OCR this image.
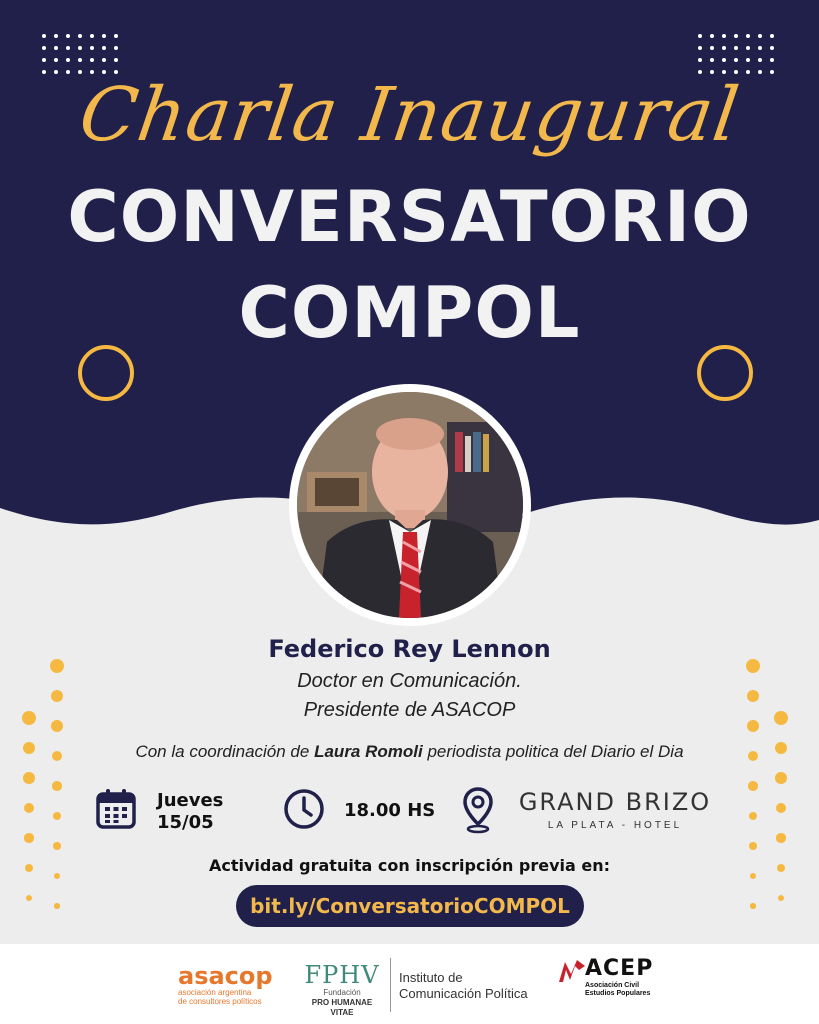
Charla Inaugural
CONVERSATORIO
COMPOL
Federico Rey Lennon
Doctor en Comunicación.
Presidente de ASACOP
Con la coordinación de Laura Romoli periodista politica del Diario el Dia
Jueves
15/05
18.00 HS	GRAND BRIZO
LA PLATA - HOTEL
Actividad gratuita con inscripción previa en:
bit.ly/ConversatorioCOMPOL
asacop
asociación argentina
de consultores políticos
FPHV
Fundación
PRO HUMANAE VITAE
Instituto de
Comunicación Política
ACEP
Asociación Civil
Estudios Populares
